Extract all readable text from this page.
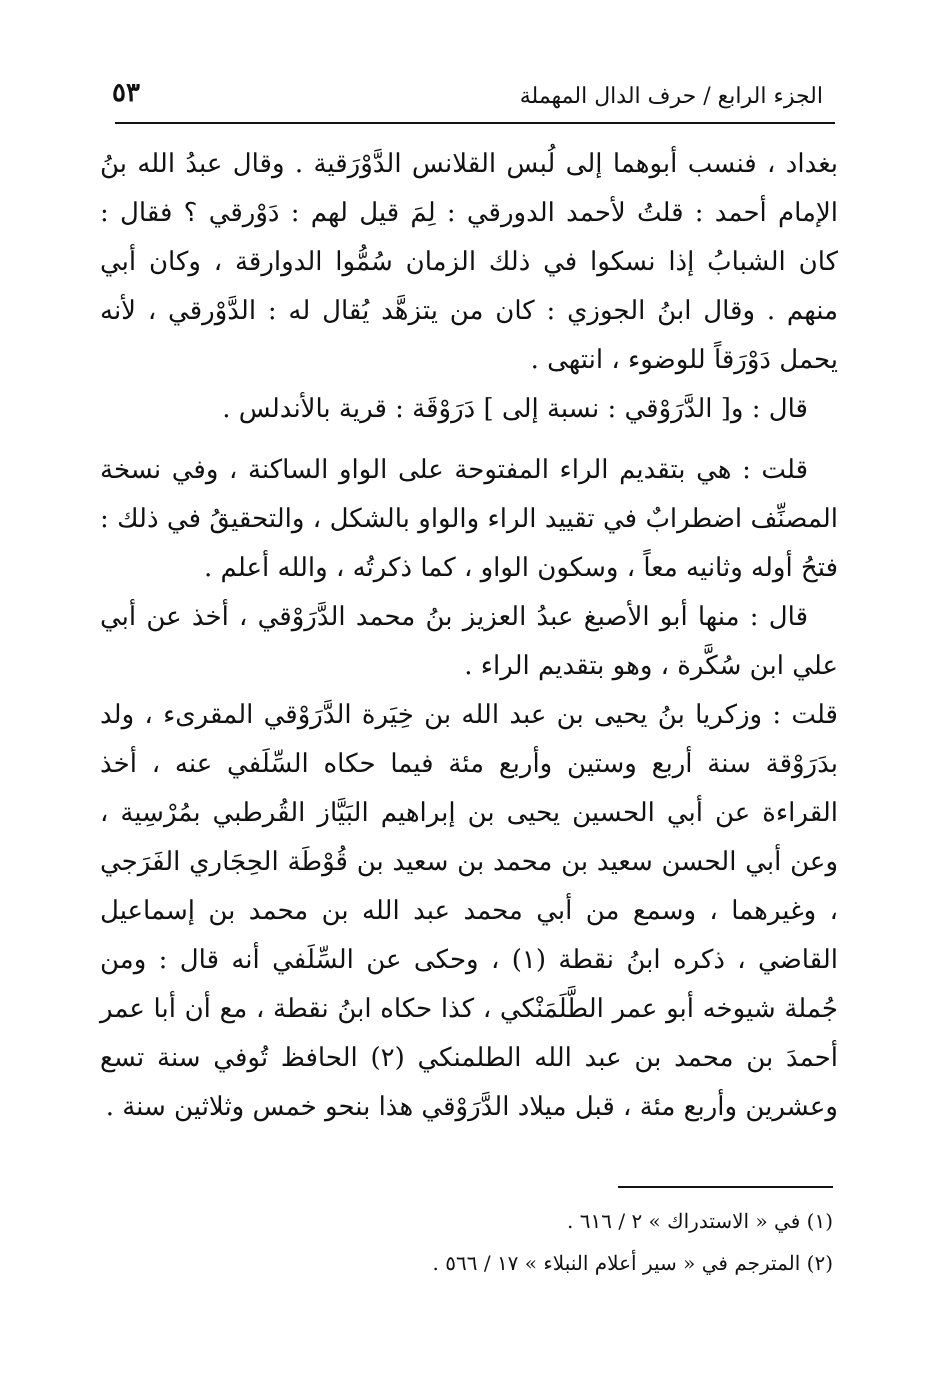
الجزء الرابع / حرف الدال المهملة
٥٣

بغداد ، فنسب أبوهما إلى لُبس القلانس الدَّوْرَقية . وقال عبدُ الله بنُ الإمام أحمد : قلتُ لأحمد الدورقي : لِمَ قيل لهم : دَوْرقي ؟ فقال : كان الشبابُ إذا نسكوا في ذلك الزمان سُمُّوا الدوارقة ، وكان أبي منهم . وقال ابنُ الجوزي : كان من يتزهَّد يُقال له : الدَّوْرقي ، لأنه يحمل دَوْرَقاً للوضوء ، انتهى .

قال : و[ الدَّرَوْقي : نسبة إلى ] دَرَوْقَة : قرية بالأندلس .

قلت : هي بتقديم الراء المفتوحة على الواو الساكنة ، وفي نسخة المصنِّف اضطرابٌ في تقييد الراء والواو بالشكل ، والتحقيقُ في ذلك : فتحُ أوله وثانيه معاً ، وسكون الواو ، كما ذكرتُه ، والله أعلم .

قال : منها أبو الأصبغ عبدُ العزيز بنُ محمد الدَّرَوْقي ، أخذ عن أبي علي ابن سُكَّرة ، وهو بتقديم الراء .

قلت : وزكريا بنُ يحيى بن عبد الله بن خِيَرة الدَّرَوْقي المقرىء ، ولد بدَرَوْقة سنة أربع وستين وأربع مئة فيما حكاه السِّلَفي عنه ، أخذ القراءة عن أبي الحسين يحيى بن إبراهيم البَيَّاز القُرطبي بمُرْسِية ، وعن أبي الحسن سعيد بن محمد بن سعيد بن قُوْطَة الحِجَاري الفَرَجي ، وغيرهما ، وسمع من أبي محمد عبد الله بن محمد بن إسماعيل القاضي ، ذكره ابنُ نقطة (١) ، وحكى عن السِّلَفي أنه قال : ومن جُملة شيوخه أبو عمر الطَّلَمَنْكي ، كذا حكاه ابنُ نقطة ، مع أن أبا عمر أحمدَ بن محمد بن عبد الله الطلمنكي (٢) الحافظ تُوفي سنة تسع وعشرين وأربع مئة ، قبل ميلاد الدَّرَوْقي هذا بنحو خمس وثلاثين سنة .

(١) في « الاستدراك » ٢ / ٦١٦ .

(٢) المترجم في « سير أعلام النبلاء » ١٧ / ٥٦٦ .
